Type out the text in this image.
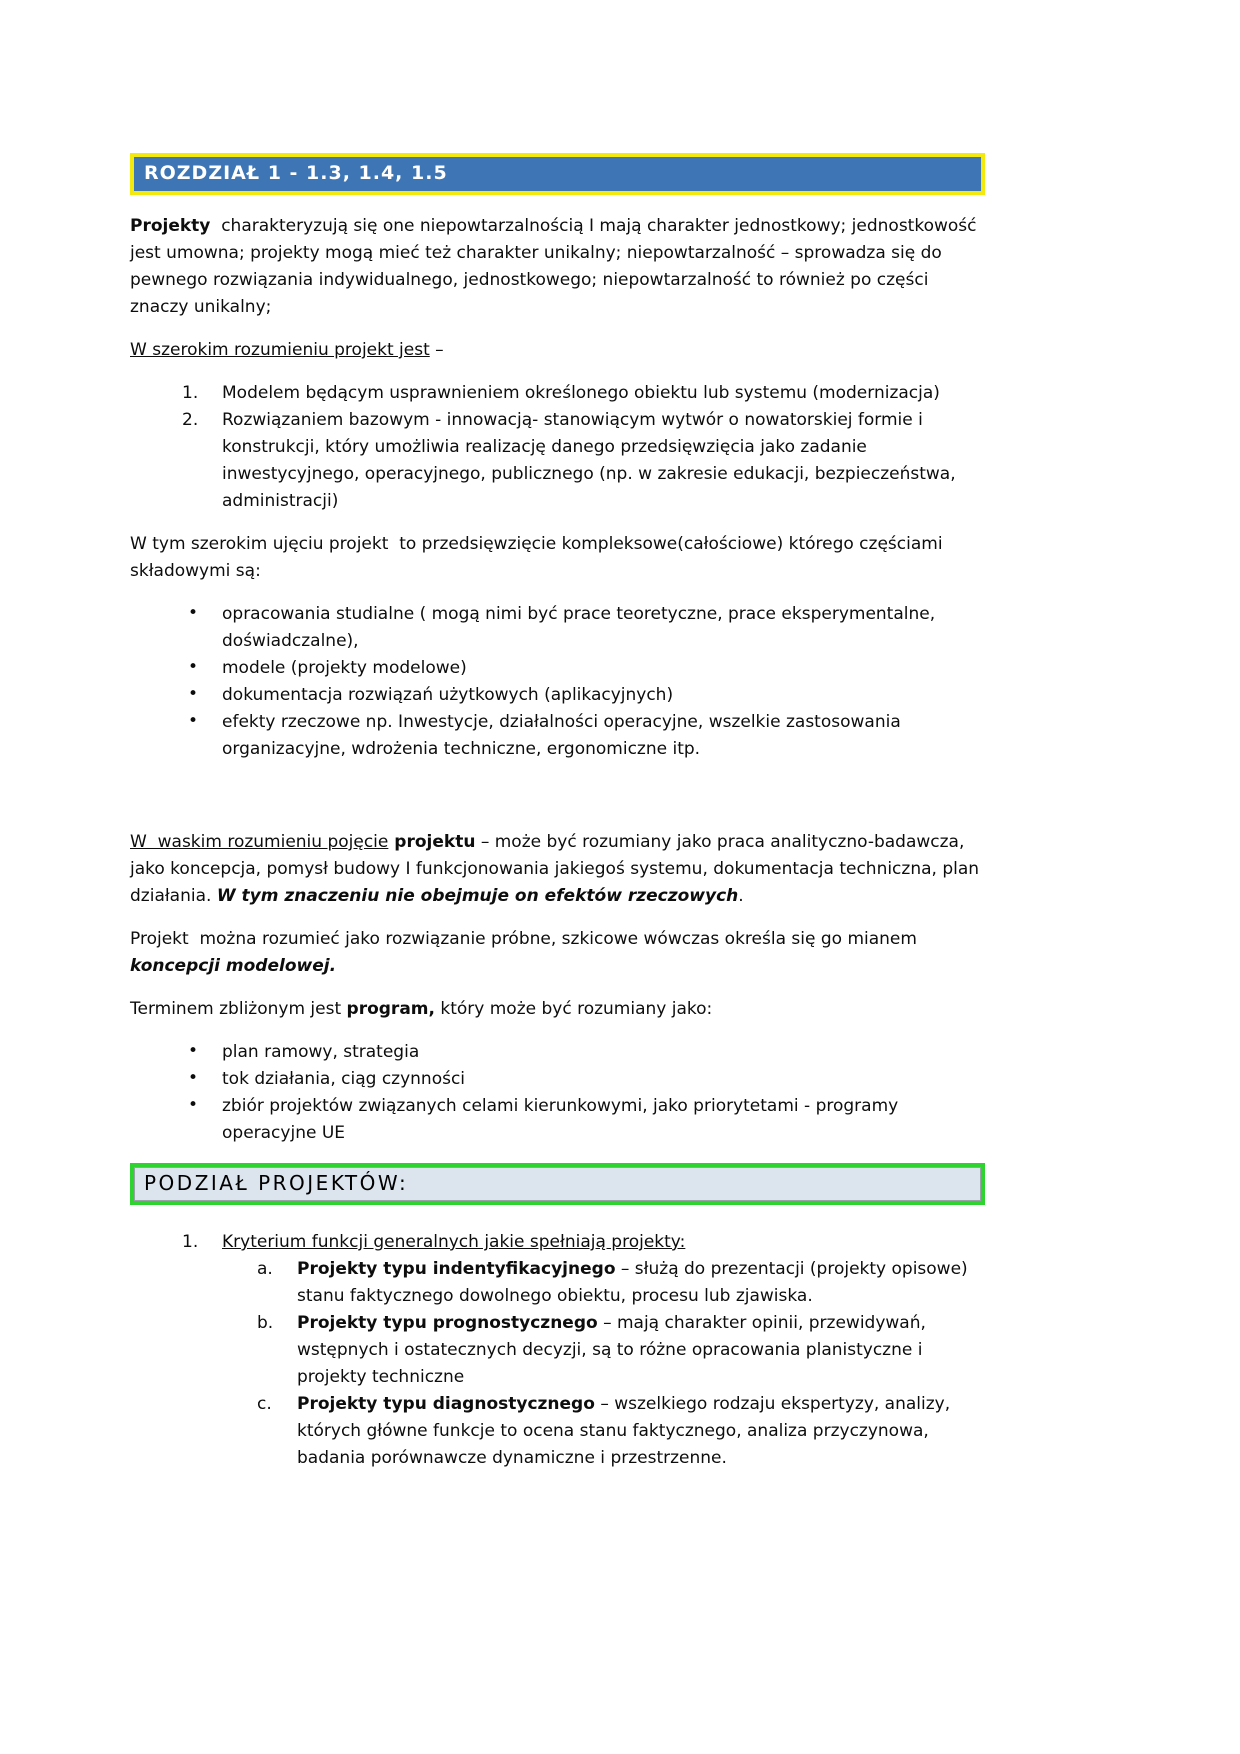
ROZDZIAŁ 1 - 1.3, 1.4, 1.5

Projekty  charakteryzują się one niepowtarzalnością I mają charakter jednostkowy; jednostkowość jest umowna; projekty mogą mieć też charakter unikalny; niepowtarzalność – sprowadza się do pewnego rozwiązania indywidualnego, jednostkowego; niepowtarzalność to również po części znaczy unikalny;

W szerokim rozumieniu projekt jest –

Modelem będącym usprawnieniem określonego obiektu lub systemu (modernizacja)
Rozwiązaniem bazowym - innowacją- stanowiącym wytwór o nowatorskiej formie i konstrukcji, który umożliwia realizację danego przedsięwzięcia jako zadanie inwestycyjnego, operacyjnego, publicznego (np. w zakresie edukacji, bezpieczeństwa, administracji)

W tym szerokim ujęciu projekt  to przedsięwzięcie kompleksowe(całościowe) którego częściami składowymi są:

• opracowania studialne ( mogą nimi być prace teoretyczne, prace eksperymentalne, doświadczalne),
• modele (projekty modelowe)
• dokumentacja rozwiązań użytkowych (aplikacyjnych)
• efekty rzeczowe np. Inwestycje, działalności operacyjne, wszelkie zastosowania organizacyjne, wdrożenia techniczne, ergonomiczne itp.

W  waskim rozumieniu pojęcie projektu – może być rozumiany jako praca analityczno-badawcza, jako koncepcja, pomysł budowy I funkcjonowania jakiegoś systemu, dokumentacja techniczna, plan działania. W tym znaczeniu nie obejmuje on efektów rzeczowych.

Projekt  można rozumieć jako rozwiązanie próbne, szkicowe wówczas określa się go mianem koncepcji modelowej.

Terminem zbliżonym jest program, który może być rozumiany jako:

• plan ramowy, strategia
• tok działania, ciąg czynności
• zbiór projektów związanych celami kierunkowymi, jako priorytetami - programy operacyjne UE
PODZIAŁ PROJEKTÓW:
Kryterium funkcji generalnych jakie spełniają projekty:
Projekty typu indentyfikacyjnego – służą do prezentacji (projekty opisowe) stanu faktycznego dowolnego obiektu, procesu lub zjawiska.
Projekty typu prognostycznego – mają charakter opinii, przewidywań, wstępnych i ostatecznych decyzji, są to różne opracowania planistyczne i projekty techniczne
Projekty typu diagnostycznego – wszelkiego rodzaju ekspertyzy, analizy, których główne funkcje to ocena stanu faktycznego, analiza przyczynowa, badania porównawcze dynamiczne i przestrzenne.
